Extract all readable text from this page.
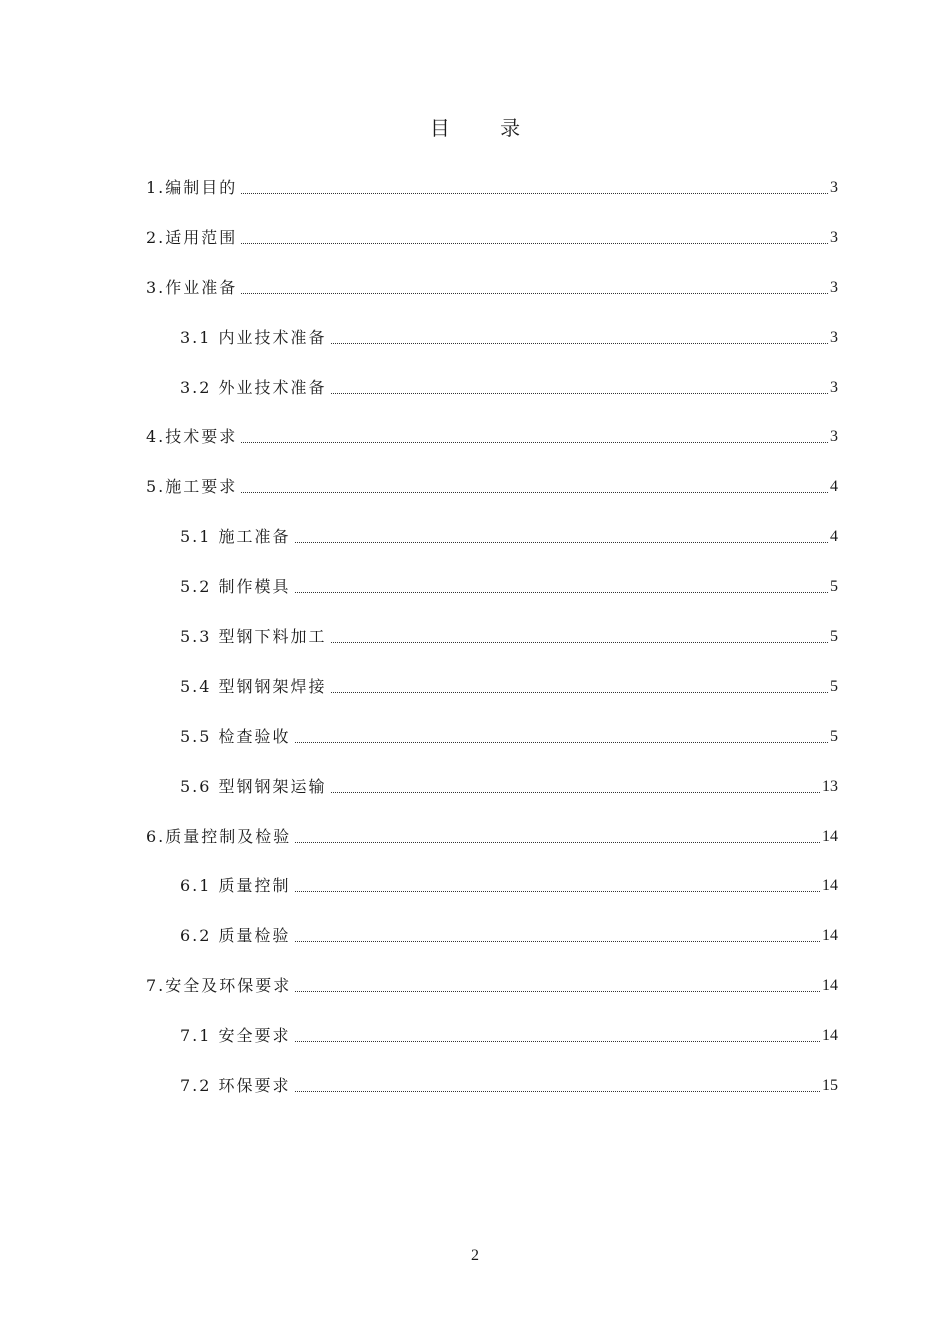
目 录
1.编制目的	3
2.适用范围	3
3.作业准备	3
3.1 内业技术准备	3
3.2 外业技术准备	3
4.技术要求	3
5.施工要求	4
5.1 施工准备	4
5.2 制作模具	5
5.3 型钢下料加工	5
5.4 型钢钢架焊接	5
5.5 检查验收	5
5.6 型钢钢架运输	13
6.质量控制及检验	14
6.1 质量控制	14
6.2 质量检验	14
7.安全及环保要求	14
7.1 安全要求	14
7.2 环保要求	15
2
